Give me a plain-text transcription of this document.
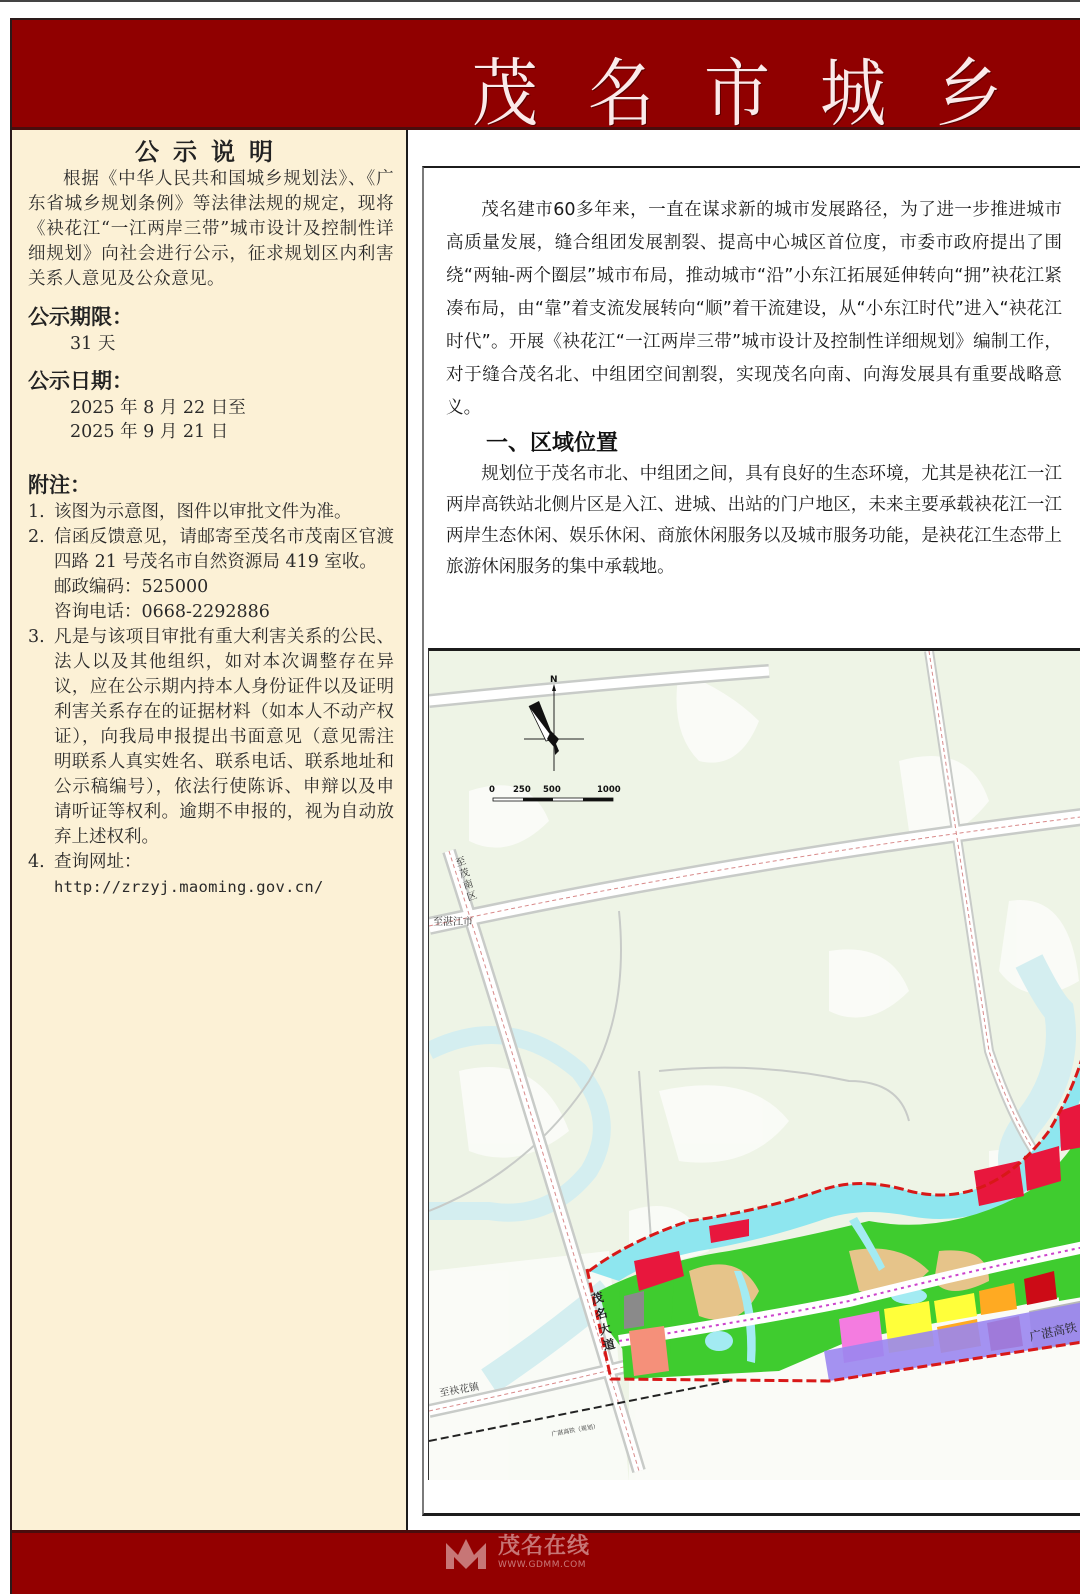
茂名市城乡
公示说明

根据《中华人民共和国城乡规划法》、《广东省城乡规划条例》等法律法规的规定，现将《袂花江“一江两岸三带”城市设计及控制性详细规划》向社会进行公示，征求规划区内利害关系人意见及公众意见。

公示期限：
31 天
公示日期：
2025 年 8 月 22 日至
2025 年 9 月 21 日
附注：
1. 该图为示意图，图件以审批文件为准。
2. 信函反馈意见，请邮寄至茂名市茂南区官渡四路 21 号茂名市自然资源局 419 室收。
邮政编码：525000
咨询电话：0668-2292886
3. 凡是与该项目审批有重大利害关系的公民、法人以及其他组织，如对本次调整存在异议，应在公示期内持本人身份证件以及证明利害关系存在的证据材料（如本人不动产权证），向我局申报提出书面意见（意见需注明联系人真实姓名、联系电话、联系地址和公示稿编号），依法行使陈诉、申辩以及申请听证等权利。逾期不申报的，视为自动放弃上述权利。
4. 查询网址：
http://zrzyj.maoming.gov.cn/

茂名建市60多年来，一直在谋求新的城市发展路径，为了进一步推进城市高质量发展，缝合组团发展割裂、提高中心城区首位度，市委市政府提出了围绕“两轴-两个圈层”城市布局，推动城市“沿”小东江拓展延伸转向“拥”袂花江紧凑布局，由“靠”着支流发展转向“顺”着干流建设，从“小东江时代”进入“袂花江时代”。开展《袂花江“一江两岸三带”城市设计及控制性详细规划》编制工作，对于缝合茂名北、中组团空间割裂，实现茂名向南、向海发展具有重要战略意义。

一、区域位置

规划位于茂名市北、中组团之间，具有良好的生态环境，尤其是袂花江一江两岸高铁站北侧片区是入江、进城、出站的门户地区，未来主要承载袂花江一江两岸生态休闲、娱乐休闲、商旅休闲服务以及城市服务功能，是袂花江生态带上旅游休闲服务的集中承载地。

N
0 250 500	1000
至茂南区
至湛江市
至袂花镇
茂名大道
广湛高铁（规划）
广湛高铁
茂名在线
WWW.GDMM.COM
